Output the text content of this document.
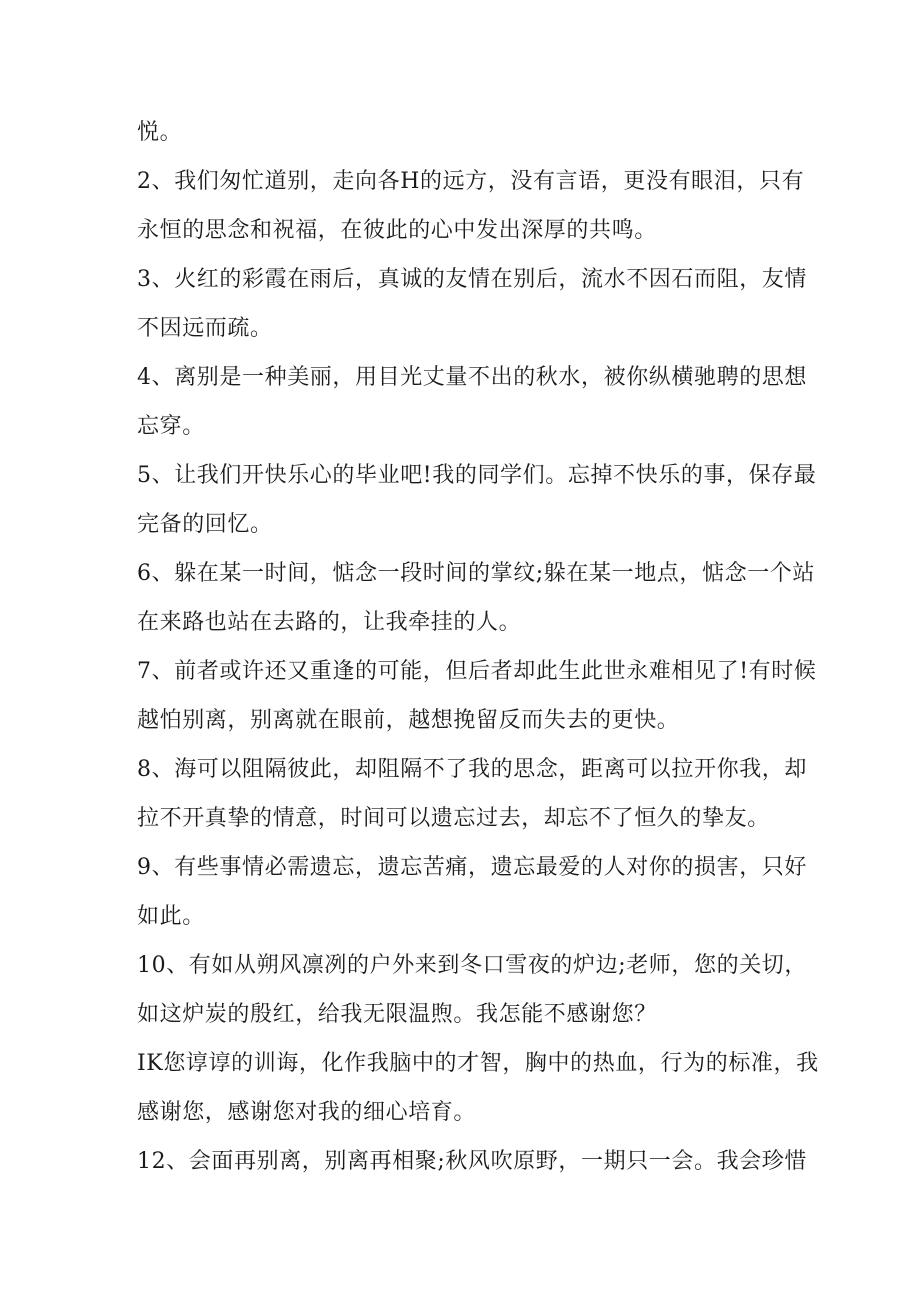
悦。
2、我们匆忙道别，走向各H的远方，没有言语，更没有眼泪，只有
永恒的思念和祝福，在彼此的心中发出深厚的共鸣。
3、火红的彩霞在雨后，真诚的友情在别后，流水不因石而阻，友情
不因远而疏。
4、离别是一种美丽，用目光丈量不出的秋水，被你纵横驰聘的思想
忘穿。
5、让我们开快乐心的毕业吧!我的同学们。忘掉不快乐的事，保存最
完备的回忆。
6、躲在某一时间，惦念一段时间的掌纹;躲在某一地点，惦念一个站
在来路也站在去路的，让我牵挂的人。
7、前者或许还又重逢的可能，但后者却此生此世永难相见了!有时候
越怕别离，别离就在眼前，越想挽留反而失去的更快。
8、海可以阻隔彼此，却阻隔不了我的思念，距离可以拉开你我，却
拉不开真挚的情意，时间可以遗忘过去，却忘不了恒久的挚友。
9、有些事情必需遗忘，遗忘苦痛，遗忘最爱的人对你的损害，只好
如此。
10、有如从朔风凛冽的户外来到冬口雪夜的炉边;老师，您的关切，
如这炉炭的殷红，给我无限温煦。我怎能不感谢您？
IK您谆谆的训诲，化作我脑中的才智，胸中的热血，行为的标准，我
感谢您，感谢您对我的细心培育。
12、会面再别离，别离再相聚;秋风吹原野，一期只一会。我会珍惜
